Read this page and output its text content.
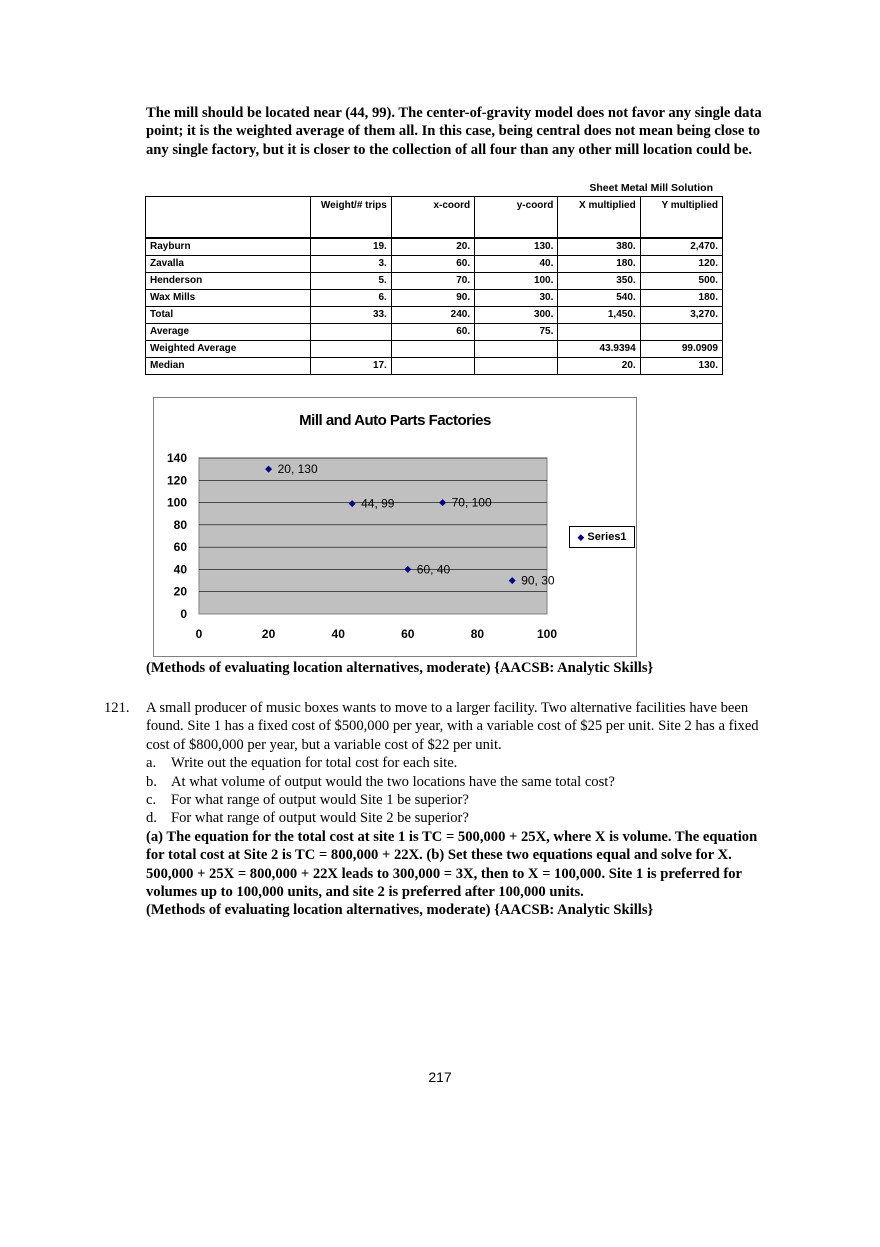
The mill should be located near (44, 99). The center-of-gravity model does not favor any single data point; it is the weighted average of them all. In this case, being central does not mean being close to any single factory, but it is closer to the collection of all four than any other mill location could be.
Sheet Metal Mill Solution
	Weight/# trips	x-coord	y-coord	X multiplied	Y multiplied
Rayburn	19.	20.	130.	380.	2,470.
Zavalla	3.	60.	40.	180.	120.
Henderson	5.	70.	100.	350.	500.
Wax Mills	6.	90.	30.	540.	180.
Total	33.	240.	300.	1,450.	3,270.
Average		60.	75.		
Weighted Average				43.9394	99.0909
Median	17.			20.	130.
Mill and Auto Parts Factories
0
20
40
60
80
100
120
140
0	20	40	60	80	100
20, 130
44, 99	70, 100
60, 40
90, 30
◆ Series1
(Methods of evaluating location alternatives, moderate) {AACSB: Analytic Skills}
121. A small producer of music boxes wants to move to a larger facility. Two alternative facilities have been found. Site 1 has a fixed cost of $500,000 per year, with a variable cost of $25 per unit. Site 2 has a fixed cost of $800,000 per year, but a variable cost of $22 per unit.
a. Write out the equation for total cost for each site.
b. At what volume of output would the two locations have the same total cost?
c. For what range of output would Site 1 be superior?
d. For what range of output would Site 2 be superior?
(a) The equation for the total cost at site 1 is TC = 500,000 + 25X, where X is volume. The equation for total cost at Site 2 is TC = 800,000 + 22X. (b) Set these two equations equal and solve for X. 500,000 + 25X = 800,000 + 22X leads to 300,000 = 3X, then to X = 100,000. Site 1 is preferred for volumes up to 100,000 units, and site 2 is preferred after 100,000 units.
(Methods of evaluating location alternatives, moderate) {AACSB: Analytic Skills}
217
